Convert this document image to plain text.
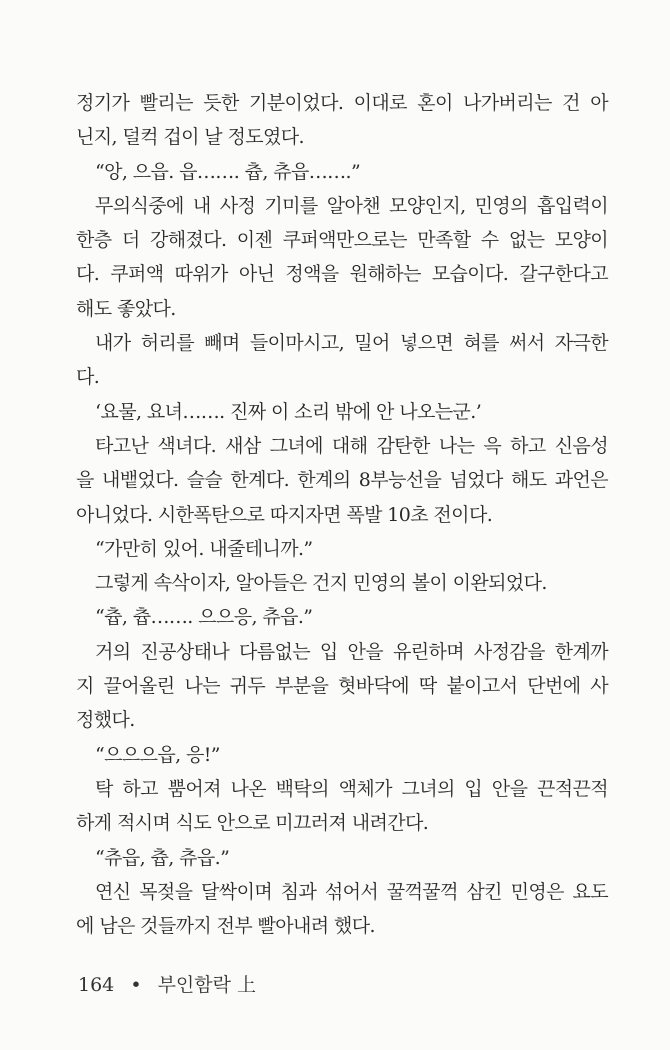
정기가 빨리는 듯한 기분이었다. 이대로 혼이 나가버리는 건 아
닌지, 덜컥 겁이 날 정도였다.
“앙, 으읍. 읍……. 츕, 츄읍…….”
무의식중에 내 사정 기미를 알아챈 모양인지, 민영의 흡입력이
한층 더 강해졌다. 이젠 쿠퍼액만으로는 만족할 수 없는 모양이
다. 쿠퍼액 따위가 아닌 정액을 원해하는 모습이다. 갈구한다고
해도 좋았다.
내가 허리를 빼며 들이마시고, 밀어 넣으면 혀를 써서 자극한
다.
‘요물, 요녀……. 진짜 이 소리 밖에 안 나오는군.’
타고난 색녀다. 새삼 그녀에 대해 감탄한 나는 윽 하고 신음성
을 내뱉었다. 슬슬 한계다. 한계의 8부능선을 넘었다 해도 과언은
아니었다. 시한폭탄으로 따지자면 폭발 10초 전이다.
“가만히 있어. 내줄테니까.”
그렇게 속삭이자, 알아들은 건지 민영의 볼이 이완되었다.
“츕, 츕……. 으으응, 츄읍.”
거의 진공상태나 다름없는 입 안을 유린하며 사정감을 한계까
지 끌어올린 나는 귀두 부분을 혓바닥에 딱 붙이고서 단번에 사
정했다.
“으으으읍, 응!”
탁 하고 뿜어져 나온 백탁의 액체가 그녀의 입 안을 끈적끈적
하게 적시며 식도 안으로 미끄러져 내려간다.
“츄읍, 츕, 츄읍.”
연신 목젖을 달싹이며 침과 섞어서 꿀꺽꿀꺽 삼킨 민영은 요도
에 남은 것들까지 전부 빨아내려 했다.
164 • 부인함락 上
